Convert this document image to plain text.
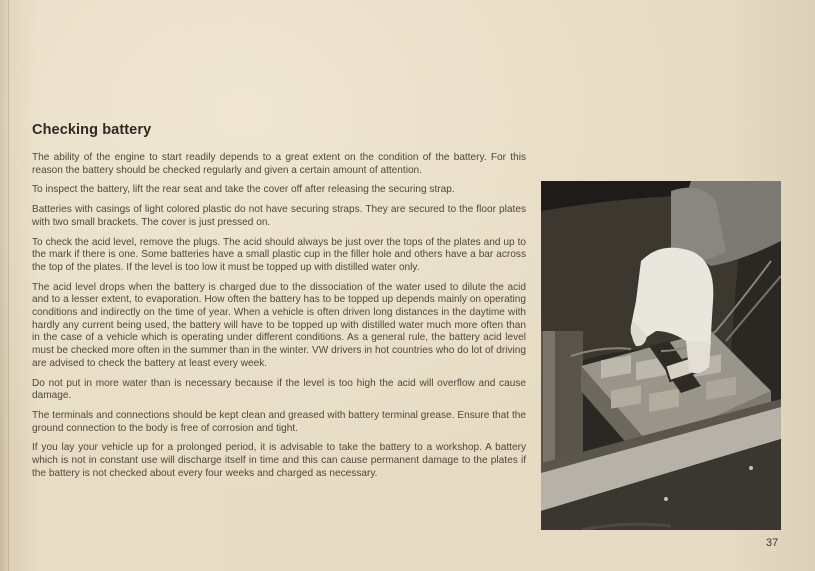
Checking battery

The ability of the engine to start readily depends to a great extent on the condition of the battery. For this reason the battery should be checked regularly and given a certain amount of attention.

To inspect the battery, lift the rear seat and take the cover off after releasing the securing strap.

Batteries with casings of light colored plastic do not have securing straps. They are secured to the floor plates with two small brackets. The cover is just pressed on.

To check the acid level, remove the plugs. The acid should always be just over the tops of the plates and up to the mark if there is one. Some batteries have a small plastic cup in the filler hole and others have a bar across the top of the plates. If the level is too low it must be topped up with distilled water only.

The acid level drops when the battery is charged due to the dissociation of the water used to dilute the acid and to a lesser extent, to evaporation. How often the battery has to be topped up depends mainly on operating conditions and indirectly on the time of year. When a vehicle is often driven long distances in the daytime with hardly any current being used, the battery will have to be topped up with distilled water much more often than in the case of a vehicle which is operating under different conditions. As a general rule, the battery acid level must be checked more often in the summer than in the winter. VW drivers in hot countries who do lot of driving are advised to check the battery at least every week.

Do not put in more water than is necessary because if the level is too high the acid will overflow and cause damage.

The terminals and connections should be kept clean and greased with battery terminal grease. Ensure that the ground connection to the body is free of corrosion and tight.

If you lay your vehicle up for a prolonged period, it is advisable to take the battery to a workshop. A battery which is not in constant use will discharge itself in time and this can cause permanent damage to the plates if the battery is not checked about every four weeks and charged as necessary.

37
